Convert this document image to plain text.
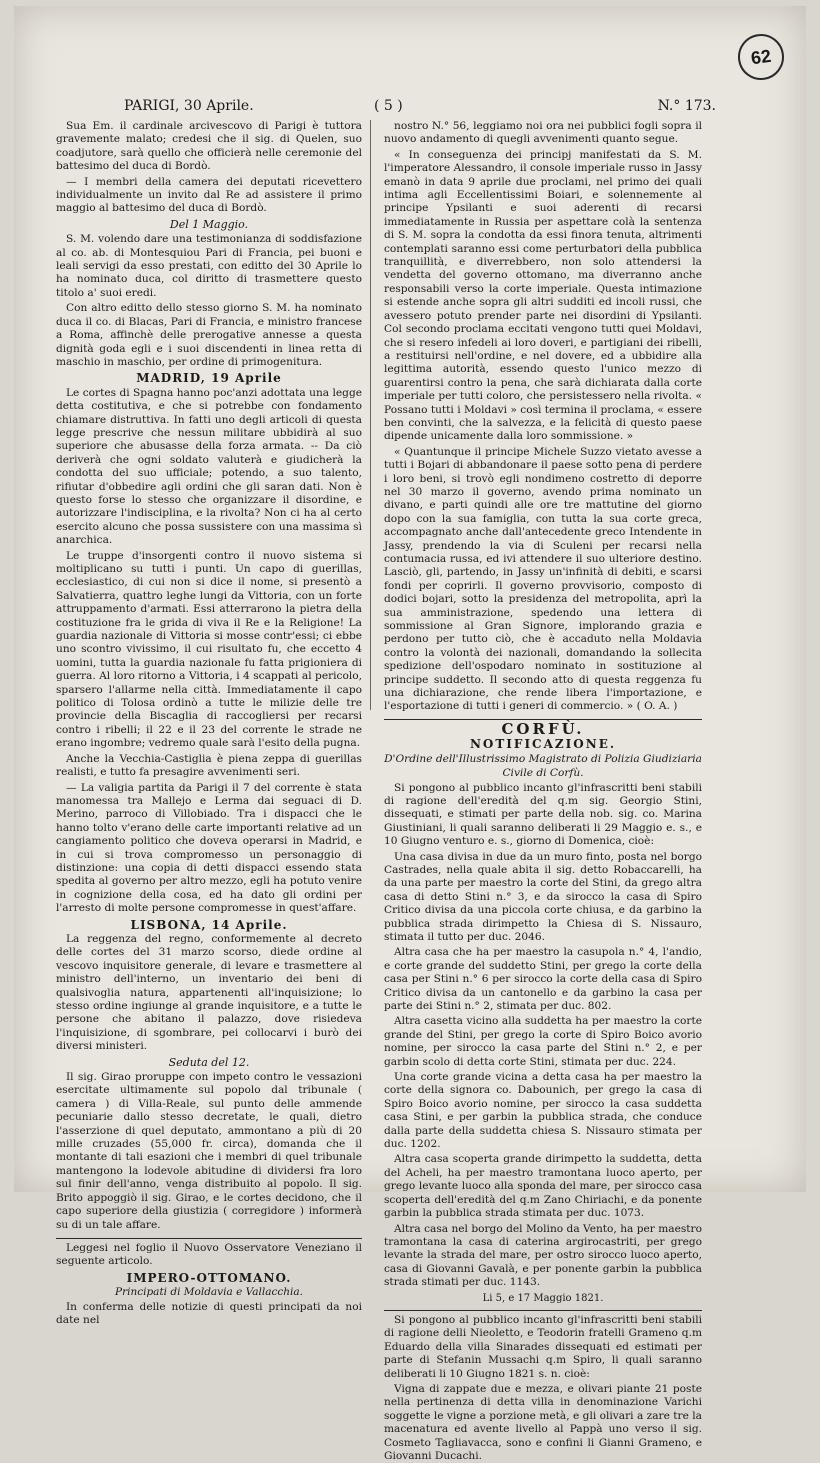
62
PARIGI, 30 Aprile.	( 5 )	N.° 173.

Sua Em. il cardinale arcivescovo di Parigi è tuttora gravemente malato; credesi che il sig. di Quelen, suo coadjutore, sarà quello che officierà nelle ceremonie del battesimo del duca di Bordò.

— I membri della camera dei deputati ricevettero individualmente un invito dal Re ad assistere il primo maggio al battesimo del duca di Bordò.

Del 1 Maggio.

S. M. volendo dare una testimonianza di soddisfazione al co. ab. di Montesquiou Pari di Francia, pei buoni e leali servigi da esso prestati, con editto del 30 Aprile lo ha nominato duca, col diritto di trasmettere questo titolo a' suoi eredi.

Con altro editto dello stesso giorno S. M. ha nominato duca il co. di Blacas, Pari di Francia, e ministro francese a Roma, affinchè delle prerogative annesse a questa dignità goda egli e i suoi discendenti in linea retta di maschio in maschio, per ordine di primogenitura.

MADRID, 19 Aprile

Le cortes di Spagna hanno poc'anzi adottata una legge detta costitutiva, e che si potrebbe con fondamento chiamare distruttiva. In fatti uno degli articoli di questa legge prescrive che nessun militare ubbidirà al suo superiore che abusasse della forza armata. -- Da ciò deriverà che ogni soldato valuterà e giudicherà la condotta del suo ufficiale; potendo, a suo talento, rifiutar d'obbedire agli ordini che gli saran dati. Non è questo forse lo stesso che organizzare il disordine, e autorizzare l'indisciplina, e la rivolta? Non ci ha al certo esercito alcuno che possa sussistere con una massima sì anarchica.

Le truppe d'insorgenti contro il nuovo sistema si moltiplicano su tutti i punti. Un capo di guerillas, ecclesiastico, di cui non si dice il nome, si presentò a Salvatierra, quattro leghe lungi da Vittoria, con un forte attruppamento d'armati. Essi atterrarono la pietra della costituzione fra le grida di viva il Re e la Religione! La guardia nazionale di Vittoria si mosse contr'essi; ci ebbe uno scontro vivissimo, il cui risultato fu, che eccetto 4 uomini, tutta la guardia nazionale fu fatta prigioniera di guerra. Al loro ritorno a Vittoria, i 4 scappati al pericolo, sparsero l'allarme nella città. Immediatamente il capo politico di Tolosa ordinò a tutte le milizie delle tre provincie della Biscaglia di raccogliersi per recarsi contro i ribelli; il 22 e il 23 del corrente le strade ne erano ingombre; vedremo quale sarà l'esito della pugna.

Anche la Vecchia-Castiglia è piena zeppa di guerillas realisti, e tutto fa presagire avvenimenti seri.

— La valigia partita da Parigi il 7 del corrente è stata manomessa tra Mallejo e Lerma dai seguaci di D. Merino, parroco di Villobiado. Tra i dispacci che le hanno tolto v'erano delle carte importanti relative ad un cangiamento politico che doveva operarsi in Madrid, e in cui si trova compromesso un personaggio di distinzione: una copia di detti dispacci essendo stata spedita al governo per altro mezzo, egli ha potuto venire in cognizione della cosa, ed ha dato gli ordini per l'arresto di molte persone compromesse in quest'affare.

LISBONA, 14 Aprile.

La reggenza del regno, conformemente al decreto delle cortes del 31 marzo scorso, diede ordine al vescovo inquisitore generale, di levare e trasmettere al ministro dell'interno, un inventario dei beni di qualsivoglia natura, appartenenti all'inquisizione; lo stesso ordine ingiunge al grande inquisitore, e a tutte le persone che abitano il palazzo, dove risiedeva l'inquisizione, di sgombrare, pei collocarvi i burò dei diversi ministeri.

Seduta del 12.

Il sig. Girao proruppe con impeto contro le vessazioni esercitate ultimamente sul popolo dal tribunale ( camera ) di Villa-Reale, sul punto delle ammende pecuniarie dallo stesso decretate, le quali, dietro l'asserzione di quel deputato, ammontano a più di 20 mille cruzades (55,000 fr. circa), domanda che il montante di tali esazioni che i membri di quel tribunale mantengono la lodevole abitudine di dividersi fra loro sul finir dell'anno, venga distribuito al popolo. Il sig. Brito appoggiò il sig. Girao, e le cortes decidono, che il capo superiore della giustizia ( corregidore ) informerà su di un tale affare.

Leggesi nel foglio il Nuovo Osservatore Veneziano il seguente articolo.

IMPERO-OTTOMANO.

Principati di Moldavia e Vallacchia.

In conferma delle notizie di questi principati da noi date nel

nostro N.° 56, leggiamo noi ora nei pubblici fogli sopra il nuovo andamento di quegli avvenimenti quanto segue.

« In conseguenza dei principj manifestati da S. M. l'imperatore Alessandro, il console imperiale russo in Jassy emanò in data 9 aprile due proclami, nel primo dei quali intima agli Eccellentissimi Boiari, e solennemente al principe Ypsilanti e suoi aderenti di recarsi immediatamente in Russia per aspettare colà la sentenza di S. M. sopra la condotta da essi finora tenuta, altrimenti contemplati saranno essi come perturbatori della pubblica tranquillità, e diverrebbero, non solo attendersi la vendetta del governo ottomano, ma diverranno anche responsabili verso la corte imperiale. Questa intimazione si estende anche sopra gli altri sudditi ed incoli russi, che avessero potuto prender parte nei disordini di Ypsilanti. Col secondo proclama eccitati vengono tutti quei Moldavi, che si resero infedeli ai loro doveri, e partigiani dei ribelli, a restituirsi nell'ordine, e nel dovere, ed a ubbidire alla legittima autorità, essendo questo l'unico mezzo di guarentirsi contro la pena, che sarà dichiarata dalla corte imperiale per tutti coloro, che persistessero nella rivolta. « Possano tutti i Moldavi » così termina il proclama, « essere ben convinti, che la salvezza, e la felicità di questo paese dipende unicamente dalla loro sommissione. »

« Quantunque il principe Michele Suzzo vietato avesse a tutti i Bojari di abbandonare il paese sotto pena di perdere i loro beni, si trovò egli nondimeno costretto di deporre nel 30 marzo il governo, avendo prima nominato un divano, e parti quindi alle ore tre mattutine del giorno dopo con la sua famiglia, con tutta la sua corte greca, accompagnato anche dall'antecedente greco Intendente in Jassy, prendendo la via di Sculeni per recarsi nella contumacia russa, ed ivi attendere il suo ulteriore destino. Lasciò, gli, partendo, in Jassy un'infinità di debiti, e scarsi fondi per coprirli. Il governo provvisorio, composto di dodici bojari, sotto la presidenza del metropolita, aprì la sua amministrazione, spedendo una lettera di sommissione al Gran Signore, implorando grazia e perdono per tutto ciò, che è accaduto nella Moldavia contro la volontà dei nazionali, domandando la sollecita spedizione dell'ospodaro nominato in sostituzione al principe suddetto. Il secondo atto di questa reggenza fu una dichiarazione, che rende libera l'importazione, e l'esportazione di tutti i generi di commercio. » ( O. A. )

CORFÙ.

NOTIFICAZIONE.

D'Ordine dell'Illustrissimo Magistrato di Polizia Giudiziaria

Civile di Corfù.

Si pongono al pubblico incanto gl'infrascritti beni stabili di ragione dell'eredità del q.m sig. Georgio Stini, dissequati, e stimati per parte della nob. sig. co. Marina Giustiniani, li quali saranno deliberati li 29 Maggio e. s., e 10 Giugno venturo e. s., giorno di Domenica, cioè:

Una casa divisa in due da un muro finto, posta nel borgo Castrades, nella quale abita il sig. detto Robaccarelli, ha da una parte per maestro la corte del Stini, da grego altra casa di detto Stini n.° 3, e da sirocco la casa di Spiro Critico divisa da una piccola corte chiusa, e da garbino la pubblica strada dirimpetto la Chiesa di S. Nissauro, stimata il tutto per duc. 2046.

Altra casa che ha per maestro la casupola n.° 4, l'andio, e corte grande del suddetto Stini, per grego la corte della casa per Stini n.° 6 per sirocco la corte della casa di Spiro Critico divisa da un cantonello e da garbino la casa per parte dei Stini n.° 2, stimata per duc. 802.

Altra casetta vicino alla suddetta ha per maestro la corte grande del Stini, per grego la corte di Spiro Boico avorio nomine, per sirocco la casa parte del Stini n.° 2, e per garbin scolo di detta corte Stini, stimata per duc. 224.

Una corte grande vicina a detta casa ha per maestro la corte della signora co. Dabounich, per grego la casa di Spiro Boico avorio nomine, per sirocco la casa suddetta casa Stini, e per garbin la pubblica strada, che conduce dalla parte della suddetta chiesa S. Nissauro stimata per duc. 1202.

Altra casa scoperta grande dirimpetto la suddetta, detta del Acheli, ha per maestro tramontana luoco aperto, per grego levante luoco alla sponda del mare, per sirocco casa scoperta dell'eredità del q.m Zano Chiriachi, e da ponente garbin la pubblica strada stimata per duc. 1073.

Altra casa nel borgo del Molino da Vento, ha per maestro tramontana la casa di caterina argirocastriti, per grego levante la strada del mare, per ostro sirocco luoco aperto, casa di Giovanni Gavalà, e per ponente garbin la pubblica strada stimati per duc. 1143.

Li 5, e 17 Maggio 1821.

Si pongono al pubblico incanto gl'infrascritti beni stabili di ragione delli Nieoletto, e Teodorin fratelli Grameno q.m Eduardo della villa Sinarades dissequati ed estimati per parte di Stefanin Mussachi q.m Spiro, li quali saranno deliberati li 10 Giugno 1821 s. n. cioè:

Vigna di zappate due e mezza, e olivari piante 21 poste nella pertinenza di detta villa in denominazione Varichi soggette le vigne a porzione metà, e gli olivari a zare tre la macenatura ed avente livello al Pappà uno verso il sig. Cosmeto Tagliavacca, sono e confini li Gianni Grameno, e Giovanni Ducachi.
